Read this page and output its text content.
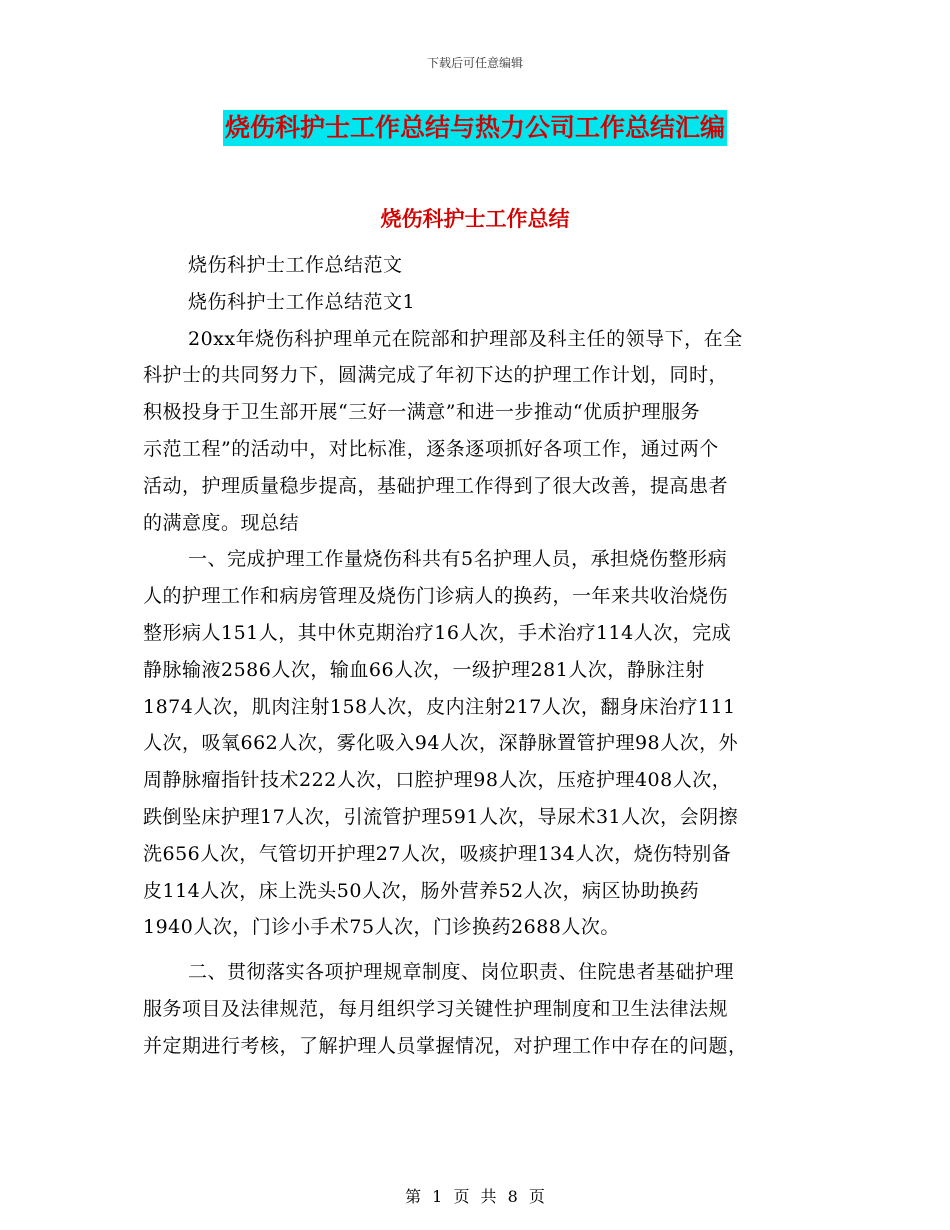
下载后可任意编辑
烧伤科护士工作总结与热力公司工作总结汇编
烧伤科护士工作总结
烧伤科护士工作总结范文
烧伤科护士工作总结范文1
20xx年烧伤科护理单元在院部和护理部及科主任的领导下，在全
科护士的共同努力下，圆满完成了年初下达的护理工作计划，同时，
积极投身于卫生部开展“三好一满意”和进一步推动“优质护理服务
示范工程”的活动中，对比标准，逐条逐项抓好各项工作，通过两个
活动，护理质量稳步提高，基础护理工作得到了很大改善，提高患者
的满意度。现总结
一、完成护理工作量烧伤科共有5名护理人员，承担烧伤整形病
人的护理工作和病房管理及烧伤门诊病人的换药，一年来共收治烧伤
整形病人151人，其中休克期治疗16人次，手术治疗114人次，完成
静脉输液2586人次，输血66人次，一级护理281人次，静脉注射
1874人次，肌肉注射158人次，皮内注射217人次，翻身床治疗111
人次，吸氧662人次，雾化吸入94人次，深静脉置管护理98人次，外
周静脉瘤指针技术222人次，口腔护理98人次，压疮护理408人次，
跌倒坠床护理17人次，引流管护理591人次，导尿术31人次，会阴擦
洗656人次，气管切开护理27人次，吸痰护理134人次，烧伤特别备
皮114人次，床上洗头50人次，肠外营养52人次，病区协助换药
1940人次，门诊小手术75人次，门诊换药2688人次。
二、贯彻落实各项护理规章制度、岗位职责、住院患者基础护理
服务项目及法律规范，每月组织学习关键性护理制度和卫生法律法规
并定期进行考核，了解护理人员掌握情况，对护理工作中存在的问题，
第 1 页 共 8 页
